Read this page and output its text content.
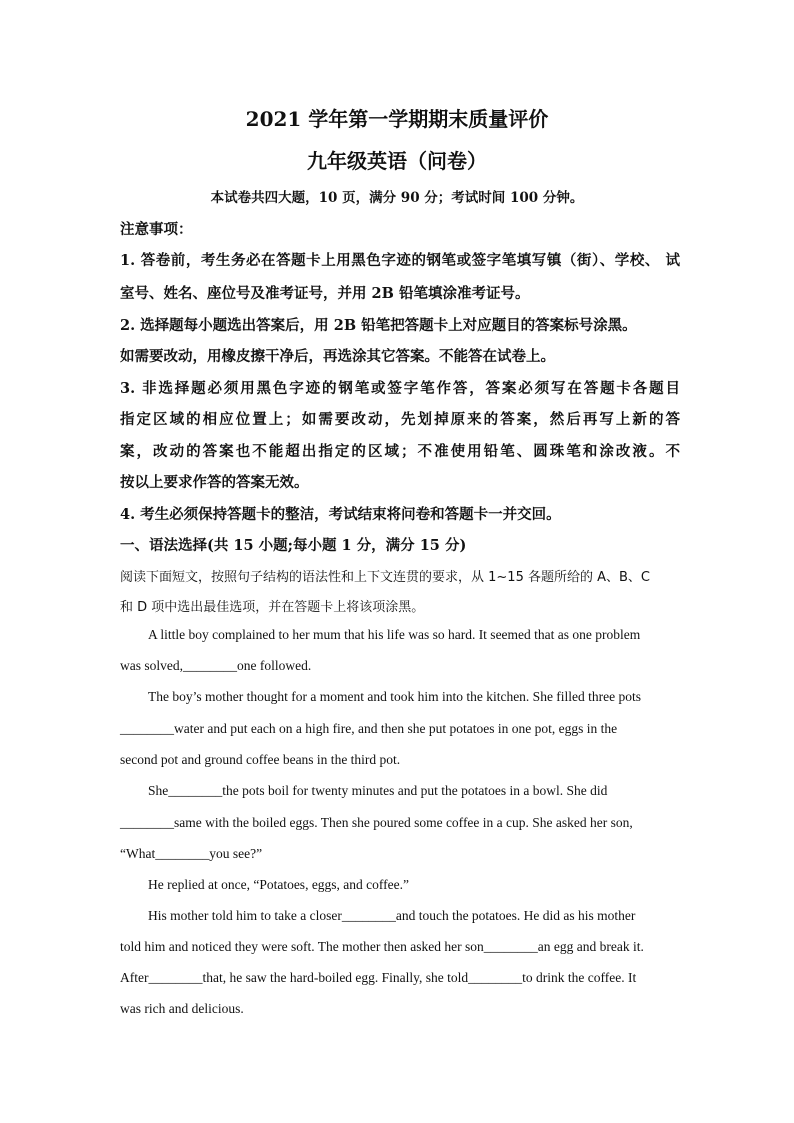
2021 学年第一学期期末质量评价
九年级英语（问卷）
本试卷共四大题，10 页，满分 90 分；考试时间 100 分钟。
注意事项：
1. 答卷前，考生务必在答题卡上用黑色字迹的钢笔或签字笔填写镇（街）、学校、 试
室号、姓名、座位号及准考证号，并用 2B 铅笔填涂准考证号。
2. 选择题每小题选出答案后，用 2B 铅笔把答题卡上对应题目的答案标号涂黑。
如需要改动，用橡皮擦干净后，再选涂其它答案。不能答在试卷上。
3. 非选择题必须用黑色字迹的钢笔或签字笔作答，答案必须写在答题卡各题目
指定区域的相应位置上；如需要改动，先划掉原来的答案，然后再写上新的答
案，改动的答案也不能超出指定的区域；不准使用铅笔、圆珠笔和涂改液。不
按以上要求作答的答案无效。
4. 考生必须保持答题卡的整洁，考试结束将问卷和答题卡一并交回。
一、语法选择(共 15 小题;每小题 1 分，满分 15 分)
阅读下面短文，按照句子结构的语法性和上下文连贯的要求，从 1~15 各题所给的 A、B、C
和 D 项中选出最佳选项，并在答题卡上将该项涂黑。
A little boy complained to her mum that his life was so hard. It seemed that as one problem
was solved,________one followed.
The boy’s mother thought for a moment and took him into the kitchen. She filled three pots
________water and put each on a high fire, and then she put potatoes in one pot, eggs in the
second pot and ground coffee beans in the third pot.
She________the pots boil for twenty minutes and put the potatoes in a bowl. She did
________same with the boiled eggs. Then she poured some coffee in a cup. She asked her son,
“What________you see?”
He replied at once, “Potatoes, eggs, and coffee.”
His mother told him to take a closer________and touch the potatoes. He did as his mother
told him and noticed they were soft. The mother then asked her son________an egg and break it.
After________that, he saw the hard-boiled egg. Finally, she told________to drink the coffee. It
was rich and delicious.
